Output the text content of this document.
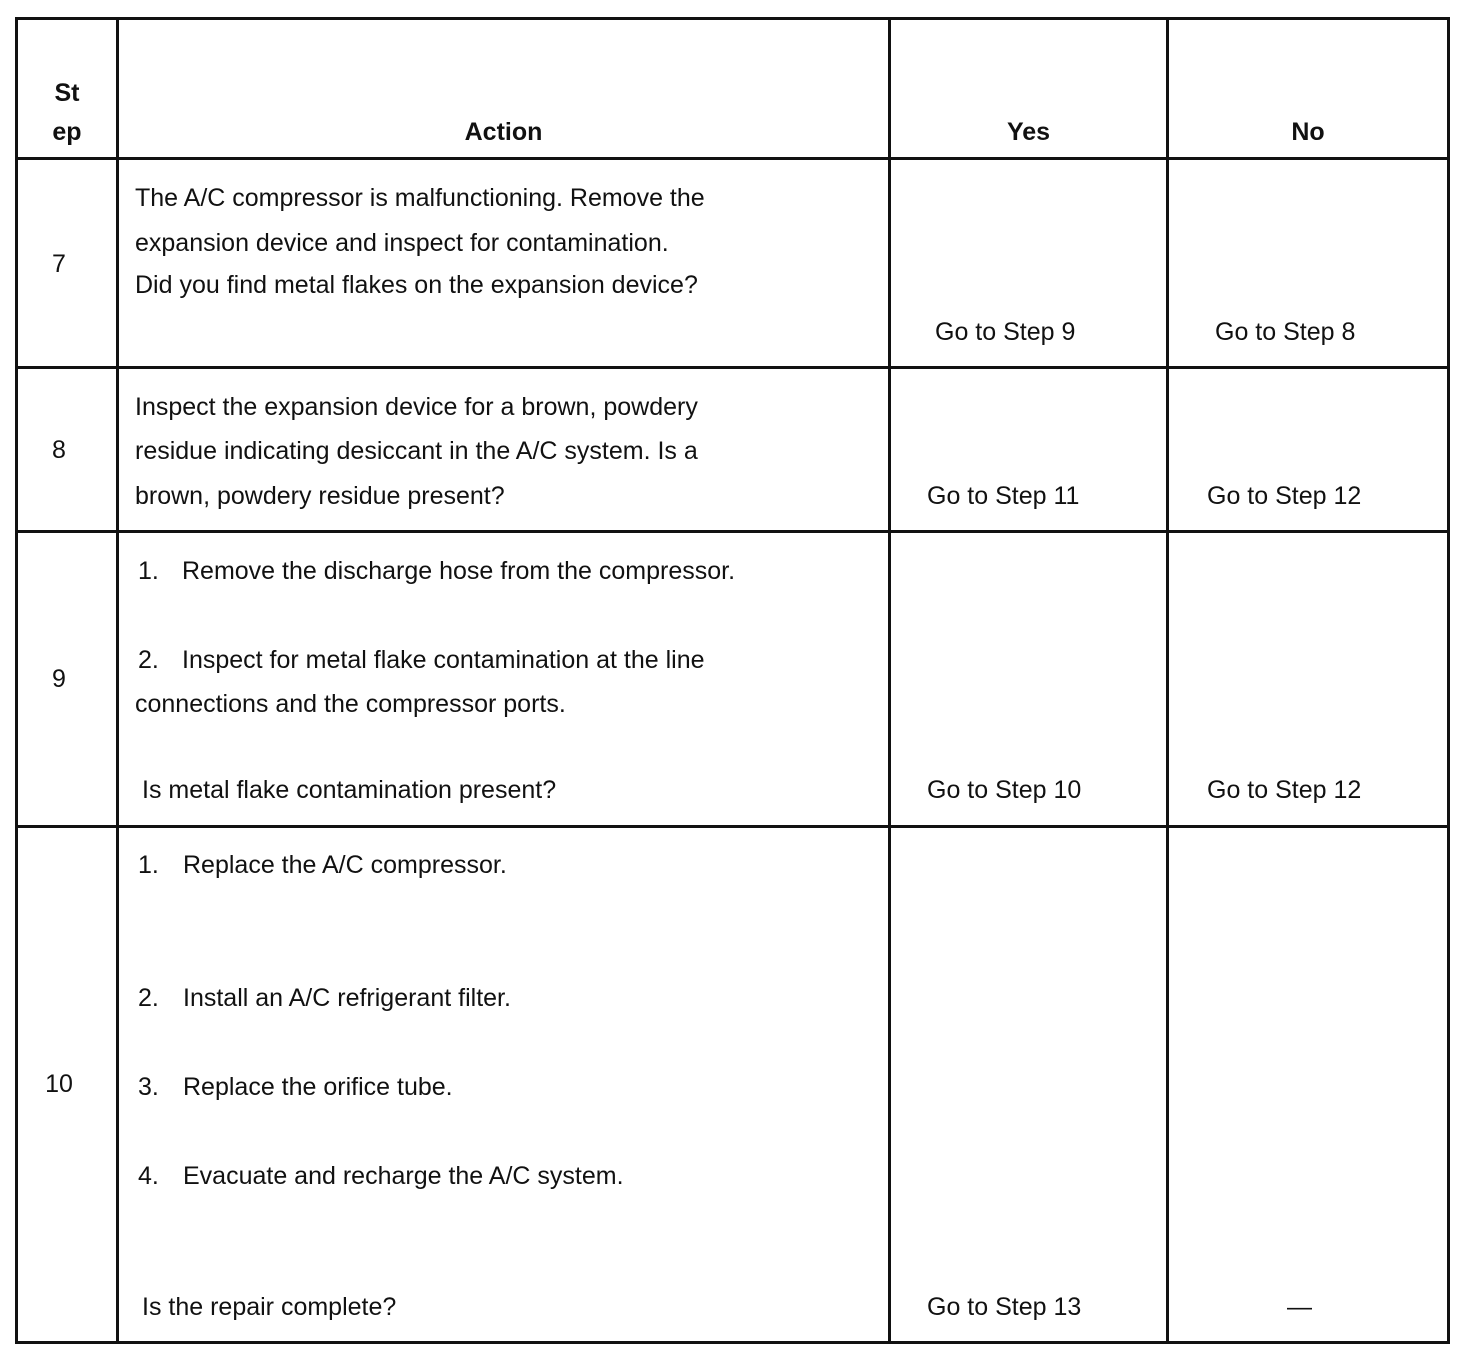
St
ep	Action	Yes	No
7
The A/C compressor is malfunctioning. Remove the
expansion device and inspect for contamination.
Did you find metal flakes on the expansion device?
Go to Step 9	Go to Step 8
8
Inspect the expansion device for a brown, powdery
residue indicating desiccant in the A/C system. Is a
brown, powdery residue present?	Go to Step 11	Go to Step 12
9
1. Remove the discharge hose from the compressor.
2. Inspect for metal flake contamination at the line
connections and the compressor ports.
Is metal flake contamination present?	Go to Step 10	Go to Step 12
10
1. Replace the A/C compressor.
2. Install an A/C refrigerant filter.
3. Replace the orifice tube.
4. Evacuate and recharge the A/C system.
Is the repair complete?	Go to Step 13	—
